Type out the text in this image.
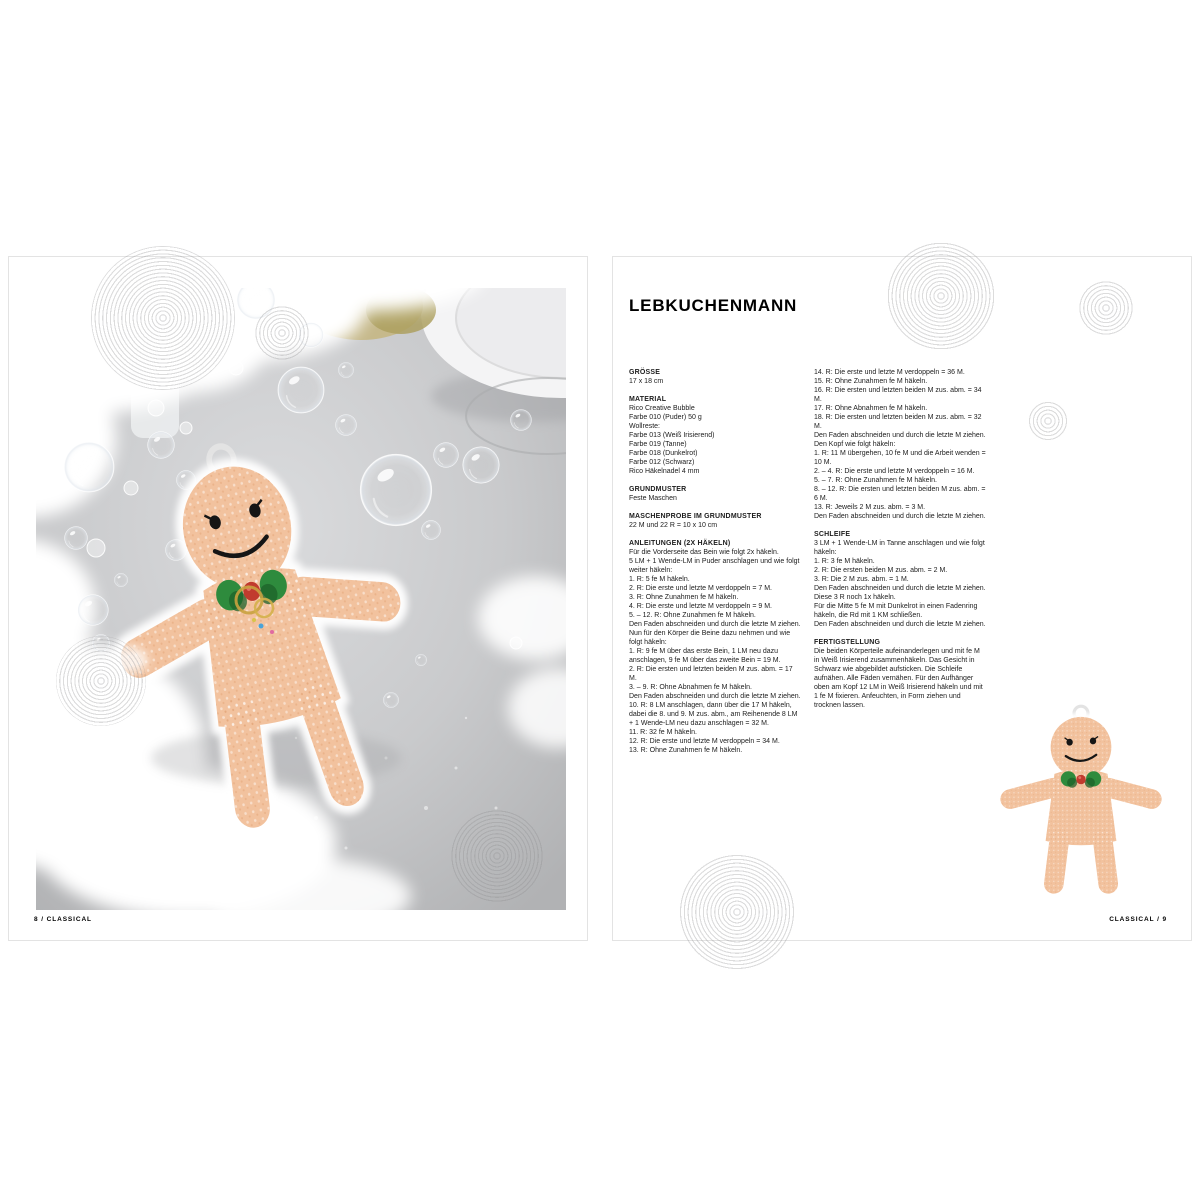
8 / CLASSICAL
LEBKUCHENMANN
GRÖSSE
17 x 18 cm
MATERIAL
Rico Creative Bubble
Farbe 010 (Puder) 50 g
Wollreste:
Farbe 013 (Weiß Irisierend)
Farbe 019 (Tanne)
Farbe 018 (Dunkelrot)
Farbe 012 (Schwarz)
Rico Häkelnadel 4 mm
GRUNDMUSTER
Feste Maschen
MASCHENPROBE IM GRUNDMUSTER
22 M und 22 R = 10 x 10 cm
ANLEITUNGEN (2X HÄKELN)
Für die Vorderseite das Bein wie folgt 2x häkeln.
5 LM + 1 Wende-LM in Puder anschlagen und wie folgt weiter häkeln:
1. R: 5 fe M häkeln.
2. R: Die erste und letzte M verdoppeln = 7 M.
3. R: Ohne Zunahmen fe M häkeln.
4. R: Die erste und letzte M verdoppeln = 9 M.
5. – 12. R: Ohne Zunahmen fe M häkeln.
Den Faden abschneiden und durch die letzte M ziehen.
Nun für den Körper die Beine dazu nehmen und wie folgt häkeln:
1. R: 9 fe M über das erste Bein, 1 LM neu dazu anschlagen, 9 fe M über das zweite Bein = 19 M.
2. R: Die ersten und letzten beiden M zus. abm. = 17 M.
3. – 9. R: Ohne Abnahmen fe M häkeln.
Den Faden abschneiden und durch die letzte M ziehen.
10. R: 8 LM anschlagen, dann über die 17 M häkeln, dabei die 8. und 9. M zus. abm., am Reihenende 8 LM + 1 Wende-LM neu dazu anschlagen = 32 M.
11. R: 32 fe M häkeln.
12. R: Die erste und letzte M verdoppeln = 34 M.
13. R: Ohne Zunahmen fe M häkeln.
14. R: Die erste und letzte M verdoppeln = 36 M.
15. R: Ohne Zunahmen fe M häkeln.
16. R: Die ersten und letzten beiden M zus. abm. = 34 M.
17. R: Ohne Abnahmen fe M häkeln.
18. R: Die ersten und letzten beiden M zus. abm. = 32 M.
Den Faden abschneiden und durch die letzte M ziehen.
Den Kopf wie folgt häkeln:
1. R: 11 M übergehen, 10 fe M und die Arbeit wenden = 10 M.
2. – 4. R: Die erste und letzte M verdoppeln = 16 M.
5. – 7. R: Ohne Zunahmen fe M häkeln.
8. – 12. R: Die ersten und letzten beiden M zus. abm. = 6 M.
13. R: Jeweils 2 M zus. abm. = 3 M.
Den Faden abschneiden und durch die letzte M ziehen.
SCHLEIFE
3 LM + 1 Wende-LM in Tanne anschlagen und wie folgt häkeln:
1. R: 3 fe M häkeln.
2. R: Die ersten beiden M zus. abm. = 2 M.
3. R: Die 2 M zus. abm. = 1 M.
Den Faden abschneiden und durch die letzte M ziehen. Diese 3 R noch 1x häkeln.
Für die Mitte 5 fe M mit Dunkelrot in einen Fadenring häkeln, die Rd mit 1 KM schließen.
Den Faden abschneiden und durch die letzte M ziehen.
FERTIGSTELLUNG
Die beiden Körperteile aufeinanderlegen und mit fe M in Weiß Irisierend zusammenhäkeln. Das Gesicht in Schwarz wie abgebildet aufsticken. Die Schleife aufnähen. Alle Fäden vernähen. Für den Aufhänger oben am Kopf 12 LM in Weiß Irisierend häkeln und mit 1 fe M fixieren. Anfeuchten, in Form ziehen und trocknen lassen.
CLASSICAL / 9
